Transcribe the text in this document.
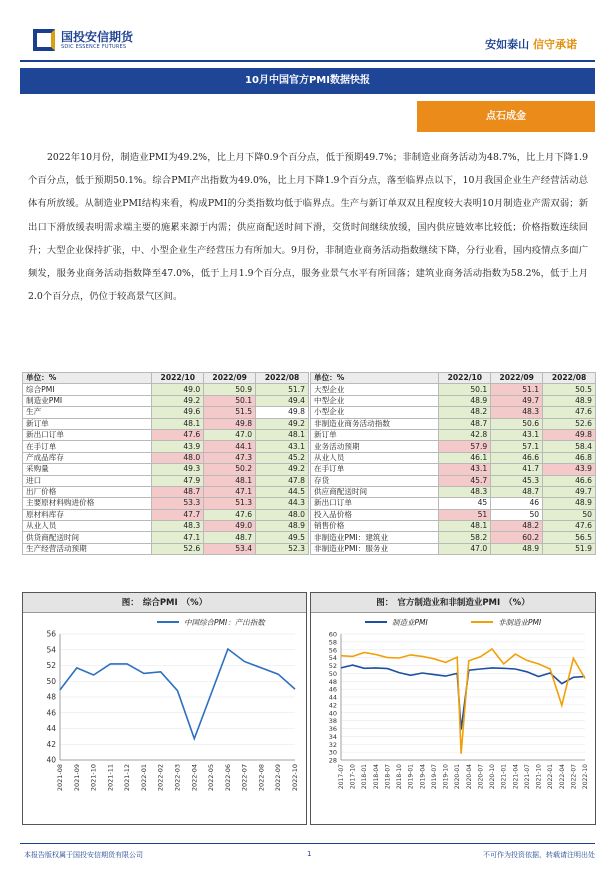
国投安信期货
SDIC ESSENCE FUTURES	安如泰山 信守承诺
10月中国官方PMI数据快报
点石成金
2022年10月份，制造业PMI为49.2%，比上月下降0.9个百分点，低于预期49.7%；非制造业商务活动为48.7%，比上月下降1.9个百分点，低于预期50.1%。综合PMI产出指数为49.0%，比上月下降1.9个百分点，落至临界点以下，10月我国企业生产经营活动总体有所放缓。从制造业PMI结构来看，构成PMI的分类指数均低于临界点。生产与新订单双双且程度较大表明10月制造业产需双弱；新出口下滑放缓表明需求端主要的施累来源于内需；供应商配送时间下滑，交货时间继续放缓，国内供应链效率比较低；价格指数连续回升；大型企业保持扩张，中、小型企业生产经营压力有所加大。9月份，非制造业商务活动指数继续下降，分行业看，国内疫情点多面广频发，服务业商务活动指数降至47.0%，低于上月1.9个百分点，服务业景气水平有所回落；建筑业商务活动指数为58.2%，低于上月2.0个百分点，仍位于较高景气区间。
单位：%	2022/10	2022/09	2022/08
综合PMI	49.0	50.9	51.7
制造业PMI	49.2	50.1	49.4
生产	49.6	51.5	49.8
新订单	48.1	49.8	49.2
新出口订单	47.6	47.0	48.1
在手订单	43.9	44.1	43.1
产成品库存	48.0	47.3	45.2
采购量	49.3	50.2	49.2
进口	47.9	48.1	47.8
出厂价格	48.7	47.1	44.5
主要原材料购进价格	53.3	51.3	44.3
原材料库存	47.7	47.6	48.0
从业人员	48.3	49.0	48.9
供货商配送时间	47.1	48.7	49.5
生产经营活动预期	52.6	53.4	52.3
单位：%	2022/10	2022/09	2022/08
大型企业	50.1	51.1	50.5
中型企业	48.9	49.7	48.9
小型企业	48.2	48.3	47.6
非制造业商务活动指数	48.7	50.6	52.6
新订单	42.8	43.1	49.8
业务活动预期	57.9	57.1	58.4
从业人员	46.1	46.6	46.8
在手订单	43.1	41.7	43.9
存货	45.7	45.3	46.6
供应商配送时间	48.3	48.7	49.7
新出口订单	45	46	48.9
投入品价格	51	50	50
销售价格	48.1	48.2	47.6
非制造业PMI：建筑业	58.2	60.2	56.5
非制造业PMI：服务业	47.0	48.9	51.9
图： 综合PMI （%）
40
42
44
46
48
50
52
54
56
2021-08 2021-09 2021-10 2021-11 2021-12 2022-01 2022-02 2022-03 2022-04 2022-05 2022-06 2022-07 2022-08 2022-09 2022-10
中国综合PMI：产出指数
图： 官方制造业和非制造业PMI （%）
28
30
32
34
36
38
40
42
44
46
48
50
52
54
56
58
60
2017-07 2017-10 2018-01 2018-04 2018-07 2018-10 2019-01 2019-04 2019-07 2019-10 2020-01 2020-04 2020-07 2020-10 2021-01 2021-04 2021-07 2021-10 2022-01 2022-04 2022-07 2022-10
制造业PMI	非制造业PMI
本报告版权属于国投安信期货有限公司	1	不可作为投资依据，转载请注明出处
